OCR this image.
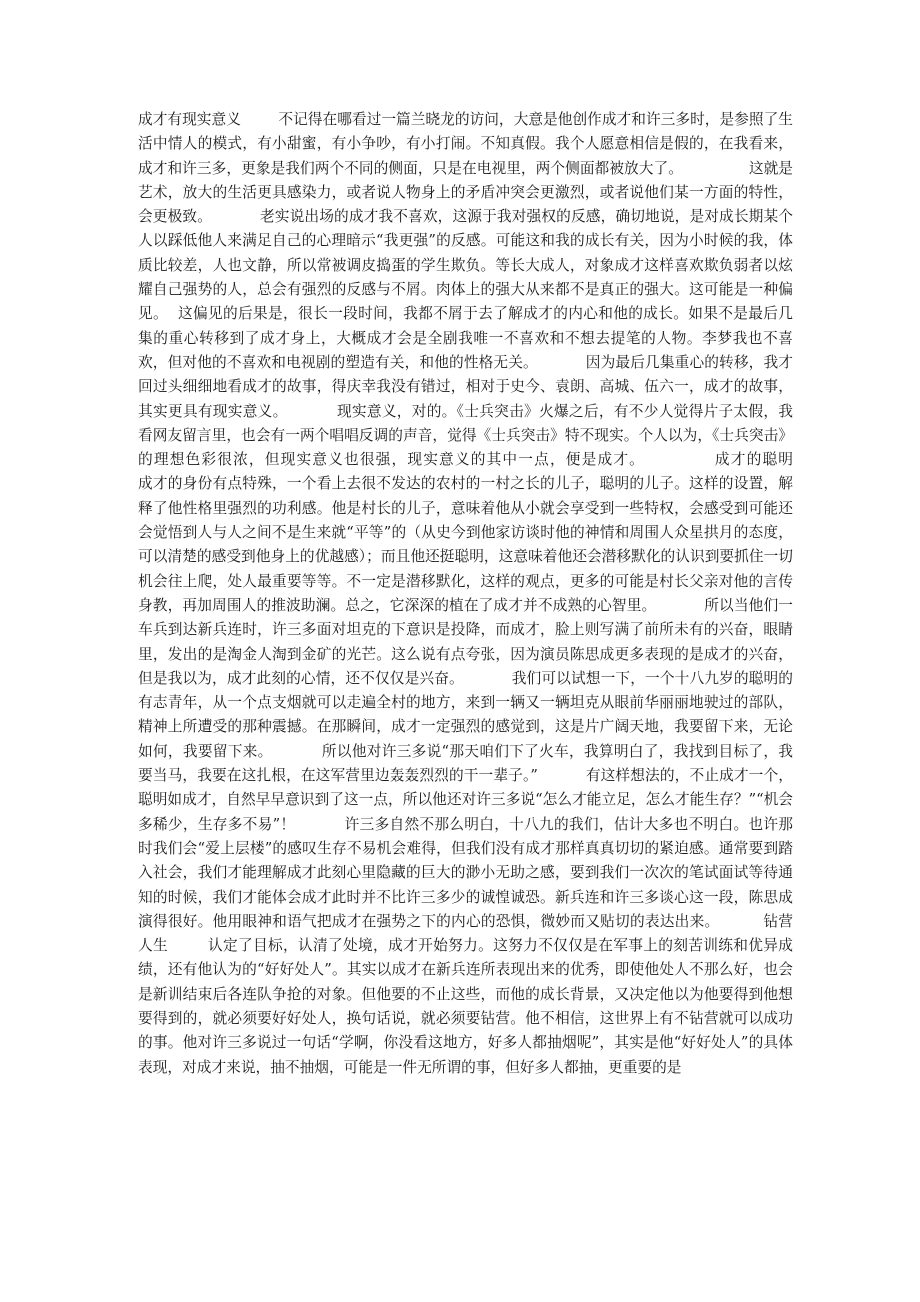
成才有现实意义        不记得在哪看过一篇兰晓龙的访问，大意是他创作成才和许三多时，是参照了生活中情人的模式，有小甜蜜，有小争吵，有小打闹。不知真假。我个人愿意相信是假的，在我看来，成才和许三多，更象是我们两个不同的侧面，只是在电视里，两个侧面都被放大了。              这就是艺术，放大的生活更具感染力，或者说人物身上的矛盾冲突会更激烈，或者说他们某一方面的特性，会更极致。          老实说出场的成才我不喜欢，这源于我对强权的反感，确切地说，是对成长期某个人以踩低他人来满足自己的心理暗示“我更强”的反感。可能这和我的成长有关，因为小时候的我，体质比较差，人也文静，所以常被调皮捣蛋的学生欺负。等长大成人，对象成才这样喜欢欺负弱者以炫耀自己强势的人，总会有强烈的反感与不屑。肉体上的强大从来都不是真正的强大。这可能是一种偏见。  这偏见的后果是，很长一段时间，我都不屑于去了解成才的内心和他的成长。如果不是最后几集的重心转移到了成才身上，大概成才会是全剧我唯一不喜欢和不想去提笔的人物。李梦我也不喜欢，但对他的不喜欢和电视剧的塑造有关，和他的性格无关。          因为最后几集重心的转移，我才回过头细细地看成才的故事，得庆幸我没有错过，相对于史今、袁朗、高城、伍六一，成才的故事，其实更具有现实意义。          现实意义，对的。《士兵突击》火爆之后，有不少人觉得片子太假，我看网友留言里，也会有一两个唱唱反调的声音，觉得《士兵突击》特不现实。个人以为，《士兵突击》的理想色彩很浓，但现实意义也很强，现实意义的其中一点，便是成才。            成才的聪明          成才的身份有点特殊，一个看上去很不发达的农村的一村之长的儿子，聪明的儿子。这样的设置，解释了他性格里强烈的功利感。他是村长的儿子，意味着他从小就会享受到一些特权，会感受到可能还会觉悟到人与人之间不是生来就“平等”的（从史今到他家访谈时他的神情和周围人众星拱月的态度，可以清楚的感受到他身上的优越感）；而且他还挺聪明，这意味着他还会潜移默化的认识到要抓住一切机会往上爬，处人最重要等等。不一定是潜移默化，这样的观点，更多的可能是村长父亲对他的言传身教，再加周围人的推波助澜。总之，它深深的植在了成才并不成熟的心智里。          所以当他们一车兵到达新兵连时，许三多面对坦克的下意识是投降，而成才，脸上则写满了前所未有的兴奋，眼睛里，发出的是淘金人淘到金矿的光芒。这么说有点夸张，因为演员陈思成更多表现的是成才的兴奋，但是我以为，成才此刻的心情，还不仅仅是兴奋。          我们可以试想一下，一个十八九岁的聪明的有志青年，从一个点支烟就可以走遍全村的地方，来到一辆又一辆坦克从眼前华丽丽地驶过的部队，精神上所遭受的那种震撼。在那瞬间，成才一定强烈的感觉到，这是片广阔天地，我要留下来，无论如何，我要留下来。          所以他对许三多说“那天咱们下了火车，我算明白了，我找到目标了，我要当马，我要在这扎根，在这军营里边轰轰烈烈的干一辈子。”          有这样想法的，不止成才一个，聪明如成才，自然早早意识到了这一点，所以他还对许三多说“怎么才能立足，怎么才能生存？”“机会多稀少，生存多不易”！          许三多自然不那么明白，十八九的我们，估计大多也不明白。也许那时我们会“爱上层楼”的感叹生存不易机会难得，但我们没有成才那样真真切切的紧迫感。通常要到踏入社会，我们才能理解成才此刻心里隐藏的巨大的渺小无助之感，要到我们一次次的笔试面试等待通知的时候，我们才能体会成才此时并不比许三多少的诚惶诚恐。新兵连和许三多谈心这一段，陈思成演得很好。他用眼神和语气把成才在强势之下的内心的恐惧，微妙而又贴切的表达出来。         钻营人生        认定了目标，认清了处境，成才开始努力。这努力不仅仅是在军事上的刻苦训练和优异成绩，还有他认为的“好好处人”。其实以成才在新兵连所表现出来的优秀，即使他处人不那么好，也会是新训结束后各连队争抢的对象。但他要的不止这些，而他的成长背景，又决定他以为他要得到他想要得到的，就必须要好好处人，换句话说，就必须要钻营。他不相信，这世界上有不钻营就可以成功的事。他对许三多说过一句话“学啊，你没看这地方，好多人都抽烟呢”，其实是他“好好处人”的具体表现，对成才来说，抽不抽烟，可能是一件无所谓的事，但好多人都抽，更重要的是
